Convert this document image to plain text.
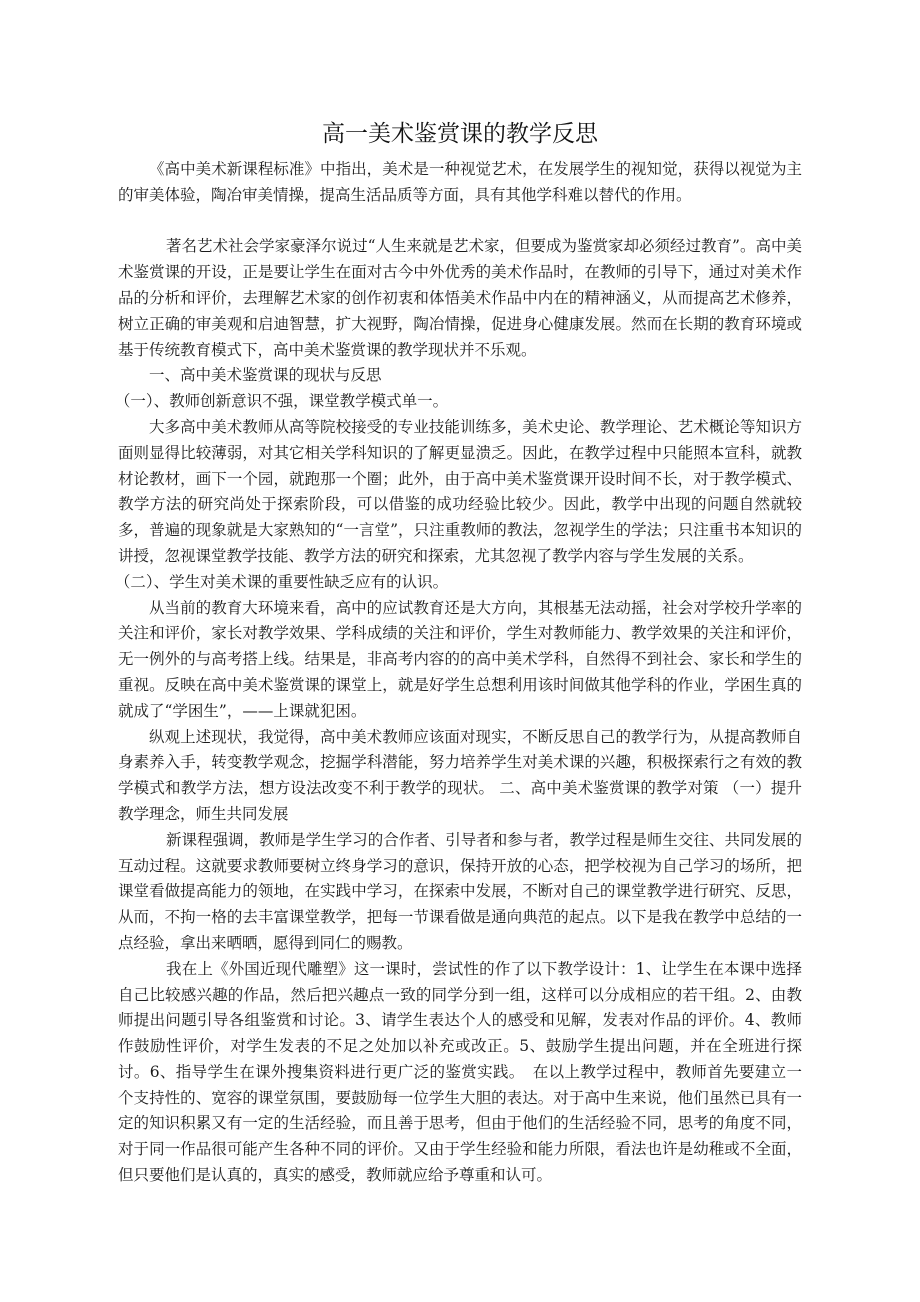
高一美术鉴赏课的教学反思

《高中美术新课程标准》中指出，美术是一种视觉艺术，在发展学生的视知觉，获得以视觉为主的审美体验，陶冶审美情操，提高生活品质等方面，具有其他学科难以替代的作用。

著名艺术社会学家豪泽尔说过“人生来就是艺术家，但要成为鉴赏家却必须经过教育”。高中美术鉴赏课的开设，正是要让学生在面对古今中外优秀的美术作品时，在教师的引导下，通过对美术作品的分析和评价，去理解艺术家的创作初衷和体悟美术作品中内在的精神涵义，从而提高艺术修养，树立正确的审美观和启迪智慧，扩大视野，陶冶情操，促进身心健康发展。然而在长期的教育环境或基于传统教育模式下，高中美术鉴赏课的教学现状并不乐观。

一、高中美术鉴赏课的现状与反思

（一）、教师创新意识不强，课堂教学模式单一。

大多高中美术教师从高等院校接受的专业技能训练多，美术史论、教学理论、艺术概论等知识方面则显得比较薄弱，对其它相关学科知识的了解更显溃乏。因此，在教学过程中只能照本宣科，就教材论教材，画下一个园，就跑那一个圈；此外，由于高中美术鉴赏课开设时间不长，对于教学模式、教学方法的研究尚处于探索阶段，可以借鉴的成功经验比较少。因此，教学中出现的问题自然就较多，普遍的现象就是大家熟知的“一言堂”，只注重教师的教法，忽视学生的学法；只注重书本知识的讲授，忽视课堂教学技能、教学方法的研究和探索，尤其忽视了教学内容与学生发展的关系。

（二）、学生对美术课的重要性缺乏应有的认识。

从当前的教育大环境来看，高中的应试教育还是大方向，其根基无法动摇，社会对学校升学率的关注和评价，家长对教学效果、学科成绩的关注和评价，学生对教师能力、教学效果的关注和评价，无一例外的与高考搭上线。结果是，非高考内容的的高中美术学科，自然得不到社会、家长和学生的重视。反映在高中美术鉴赏课的课堂上，就是好学生总想利用该时间做其他学科的作业，学困生真的就成了“学困生”，——上课就犯困。

纵观上述现状，我觉得，高中美术教师应该面对现实，不断反思自己的教学行为，从提高教师自身素养入手，转变教学观念，挖掘学科潜能，努力培养学生对美术课的兴趣，积极探索行之有效的教学模式和教学方法，想方设法改变不利于教学的现状。 二、高中美术鉴赏课的教学对策 （一）提升教学理念，师生共同发展

新课程强调，教师是学生学习的合作者、引导者和参与者，教学过程是师生交往、共同发展的互动过程。这就要求教师要树立终身学习的意识，保持开放的心态，把学校视为自己学习的场所，把课堂看做提高能力的领地，在实践中学习，在探索中发展，不断对自己的课堂教学进行研究、反思，从而，不拘一格的去丰富课堂教学，把每一节课看做是通向典范的起点。以下是我在教学中总结的一点经验，拿出来晒晒，愿得到同仁的赐教。

我在上《外国近现代雕塑》这一课时，尝试性的作了以下教学设计：1、让学生在本课中选择自己比较感兴趣的作品，然后把兴趣点一致的同学分到一组，这样可以分成相应的若干组。2、由教师提出问题引导各组鉴赏和讨论。3、请学生表达个人的感受和见解，发表对作品的评价。4、教师作鼓励性评价，对学生发表的不足之处加以补充或改正。5、鼓励学生提出问题，并在全班进行探讨。6、指导学生在课外搜集资料进行更广泛的鉴赏实践。　在以上教学过程中，教师首先要建立一个支持性的、宽容的课堂氛围，要鼓励每一位学生大胆的表达。对于高中生来说，他们虽然已具有一定的知识积累又有一定的生活经验，而且善于思考，但由于他们的生活经验不同，思考的角度不同，对于同一作品很可能产生各种不同的评价。又由于学生经验和能力所限，看法也许是幼稚或不全面，但只要他们是认真的，真实的感受，教师就应给予尊重和认可。
